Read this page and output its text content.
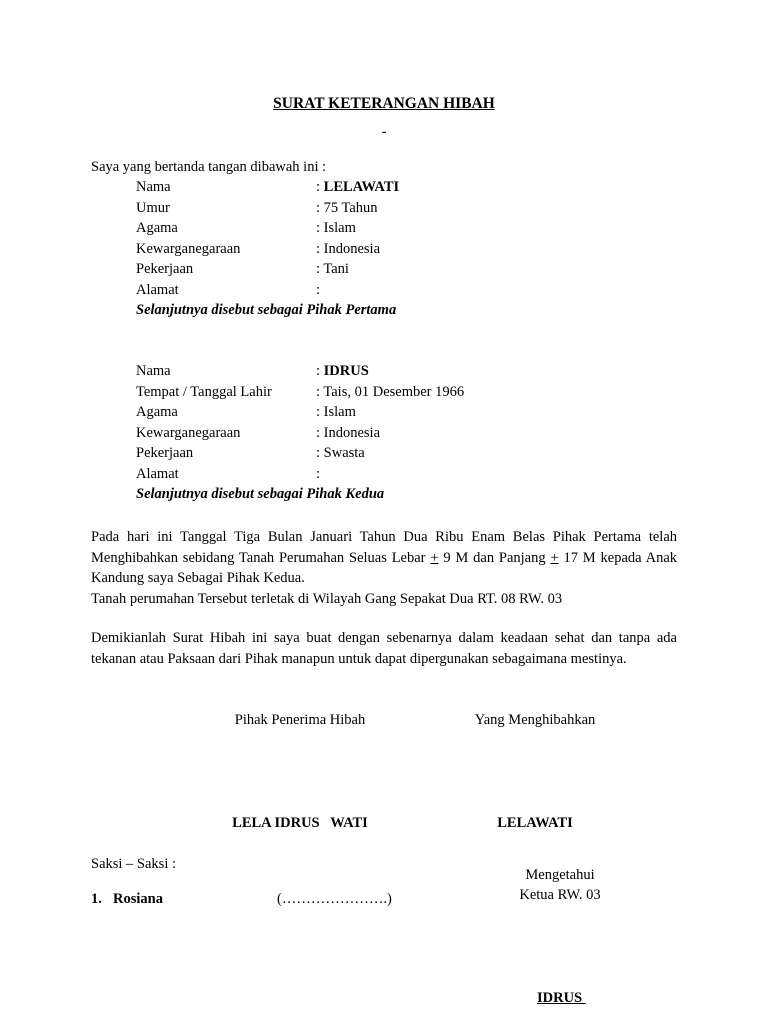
SURAT KETERANGAN HIBAH
-
Saya yang bertanda tangan dibawah ini :
Nama	: LELAWATI
Umur	: 75 Tahun
Agama	: Islam
Kewarganegaraan	: Indonesia
Pekerjaan	: Tani
Alamat	:
Selanjutnya disebut sebagai Pihak Pertama
Nama	: IDRUS
Tempat / Tanggal Lahir	: Tais, 01 Desember 1966
Agama	: Islam
Kewarganegaraan	: Indonesia
Pekerjaan	: Swasta
Alamat	:
Selanjutnya disebut sebagai Pihak Kedua

Pada hari ini Tanggal Tiga Bulan Januari Tahun Dua Ribu Enam Belas Pihak Pertama telah Menghibahkan sebidang Tanah Perumahan Seluas Lebar + 9 M dan Panjang + 17 M kepada Anak Kandung saya Sebagai Pihak Kedua.

Tanah perumahan Tersebut terletak di Wilayah Gang Sepakat Dua RT. 08 RW. 03

Demikianlah Surat Hibah ini saya buat dengan sebenarnya dalam keadaan sehat dan tanpa ada tekanan atau Paksaan dari Pihak manapun untuk dapat dipergunakan sebagaimana mestinya.

Pihak Penerima Hibah	Yang Menghibahkan
LELA IDRUS   WATI	LELAWATI
Saksi – Saksi :
1. Rosiana	(………………….)
Mengetahui
Ketua RW. 03
IDRUS
